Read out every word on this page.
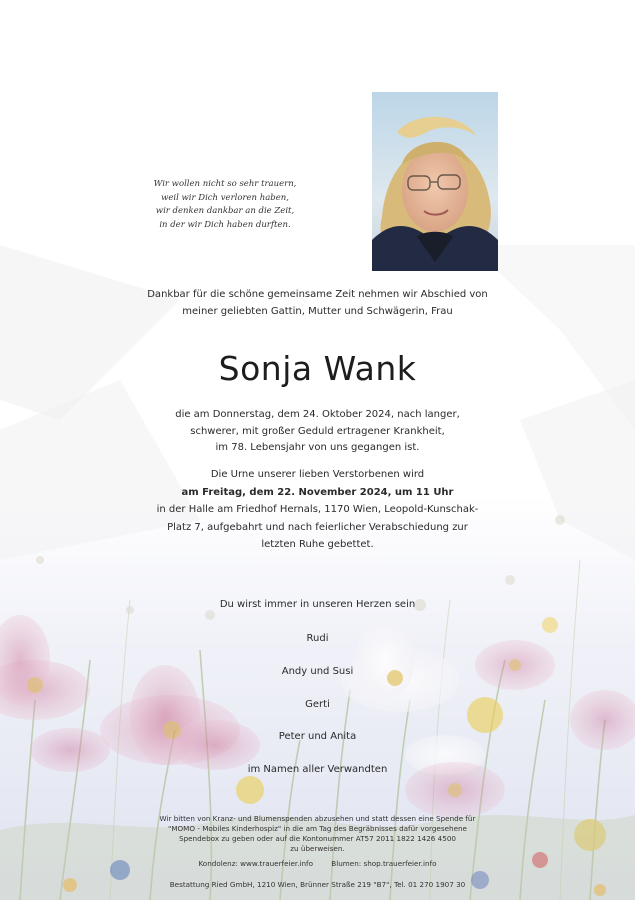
Wir wollen nicht so sehr trauern,
weil wir Dich verloren haben,
wir denken dankbar an die Zeit,
in der wir Dich haben durften.
Dankbar für die schöne gemeinsame Zeit nehmen wir Abschied von
meiner geliebten Gattin, Mutter und Schwägerin, Frau
Sonja Wank
die am Donnerstag, dem 24. Oktober 2024, nach langer,
schwerer, mit großer Geduld ertragener Krankheit,
im 78. Lebensjahr von uns gegangen ist.
Die Urne unserer lieben Verstorbenen wird
am Freitag, dem 22. November 2024, um 11 Uhr
in der Halle am Friedhof Hernals, 1170 Wien, Leopold-Kunschak-
Platz 7, aufgebahrt und nach feierlicher Verabschiedung zur
letzten Ruhe gebettet.
Du wirst immer in unseren Herzen sein
Rudi
Andy und Susi
Gerti
Peter und Anita
im Namen aller Verwandten
Wir bitten von Kranz- und Blumenspenden abzusehen und statt dessen eine Spende für
"MOMO - Mobiles Kinderhospiz" in die am Tag des Begräbnisses dafür vorgesehene
Spendebox zu geben oder auf die Kontonummer AT57 2011 1822 1426 4500
zu überweisen.
Kondolenz: www.trauerfeier.info	Blumen: shop.trauerfeier.info
Bestattung Ried GmbH, 1210 Wien, Brünner Straße 219 "B7", Tel. 01 270 1907 30
